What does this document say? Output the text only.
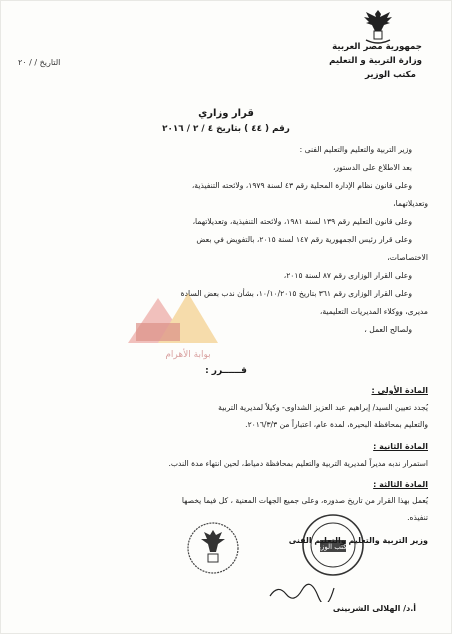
جمهورية مصر العربية
وزارة التربية و التعليم
مكتب الوزير
التاريخ / / ٢٠
قرار وزاري
رقم ( ٤٤ ) بتاريخ ٤ / ٢ / ٢٠١٦
وزير التربية والتعليم والتعليم الفنى :
بعد الاطلاع على الدستور،
وعلى قانون نظام الإدارة المحلية رقم ٤٣ لسنة ١٩٧٩، ولائحته التنفيذية،
وتعديلاتهما،
وعلى قانون التعليم رقم ١٣٩ لسنة ١٩٨١، ولائحته التنفيذية، وتعديلاتهما،
وعلى قرار رئيس الجمهورية رقم ١٤٧ لسنة ٢٠١٥، بالتفويض في بعض
الاختصاصات،
وعلى القرار الوزارى رقم ٨٧ لسنة ٢٠١٥،
وعلى القرار الوزارى رقم ٣٦١ بتاريخ ١٠/١٠/٢٠١٥، بشأن ندب بعض السادة
مديرى، ووكلاء المديريات التعليمية،
ولصالح العمل ،
بوابة الأهرام
قــــــرر :
المادة الأولى :
يُجدد تعيين السيد/ إبراهيم عبد العزيز الشداوى- وكيلاً لمديرية التربية
والتعليم بمحافظة البحيرة، لمدة عام، اعتباراً من ٢٠١٦/٣/٣.
المادة الثانية :
استمرار ندبه مديراً لمديرية التربية والتعليم بمحافظة دمياط، لحين انتهاء مدة الندب.
المادة الثالثة :
يُعمل بهذا القرار من تاريخ صدوره، وعلى جميع الجهات المعنية ، كل فيما يخصها
تنفيذه.
مكتب الوزير
وزير التربية والتعليم والتعليم الفنى
أ.د/ الهلالى الشربينى
